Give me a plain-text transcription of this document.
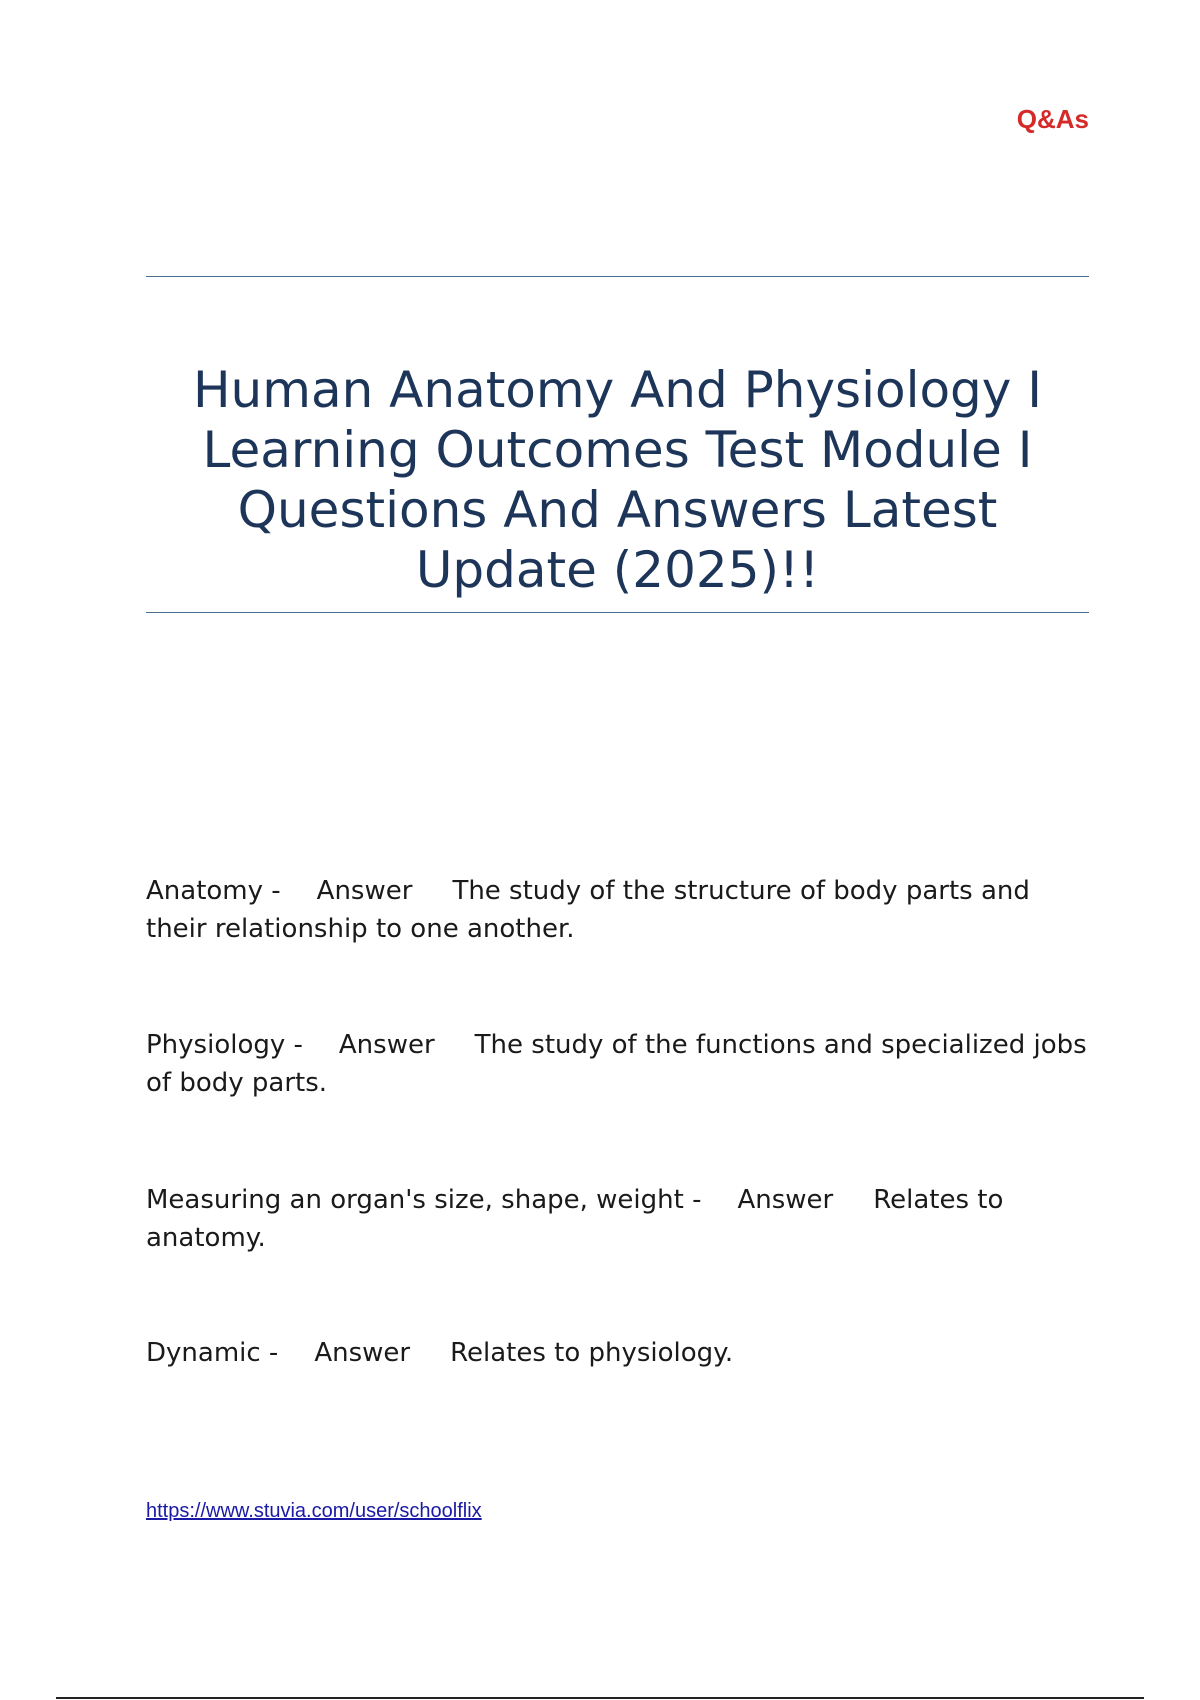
Q&As
Human Anatomy And Physiology I Learning Outcomes Test Module I Questions And Answers Latest Update (2025)!!
Anatomy - Answer The study of the structure of body parts and their relationship to one another.
Physiology - Answer The study of the functions and specialized jobs of body parts.
Measuring an organ's size, shape, weight - Answer Relates to anatomy.
Dynamic - Answer Relates to physiology.
https://www.stuvia.com/user/schoolflix
